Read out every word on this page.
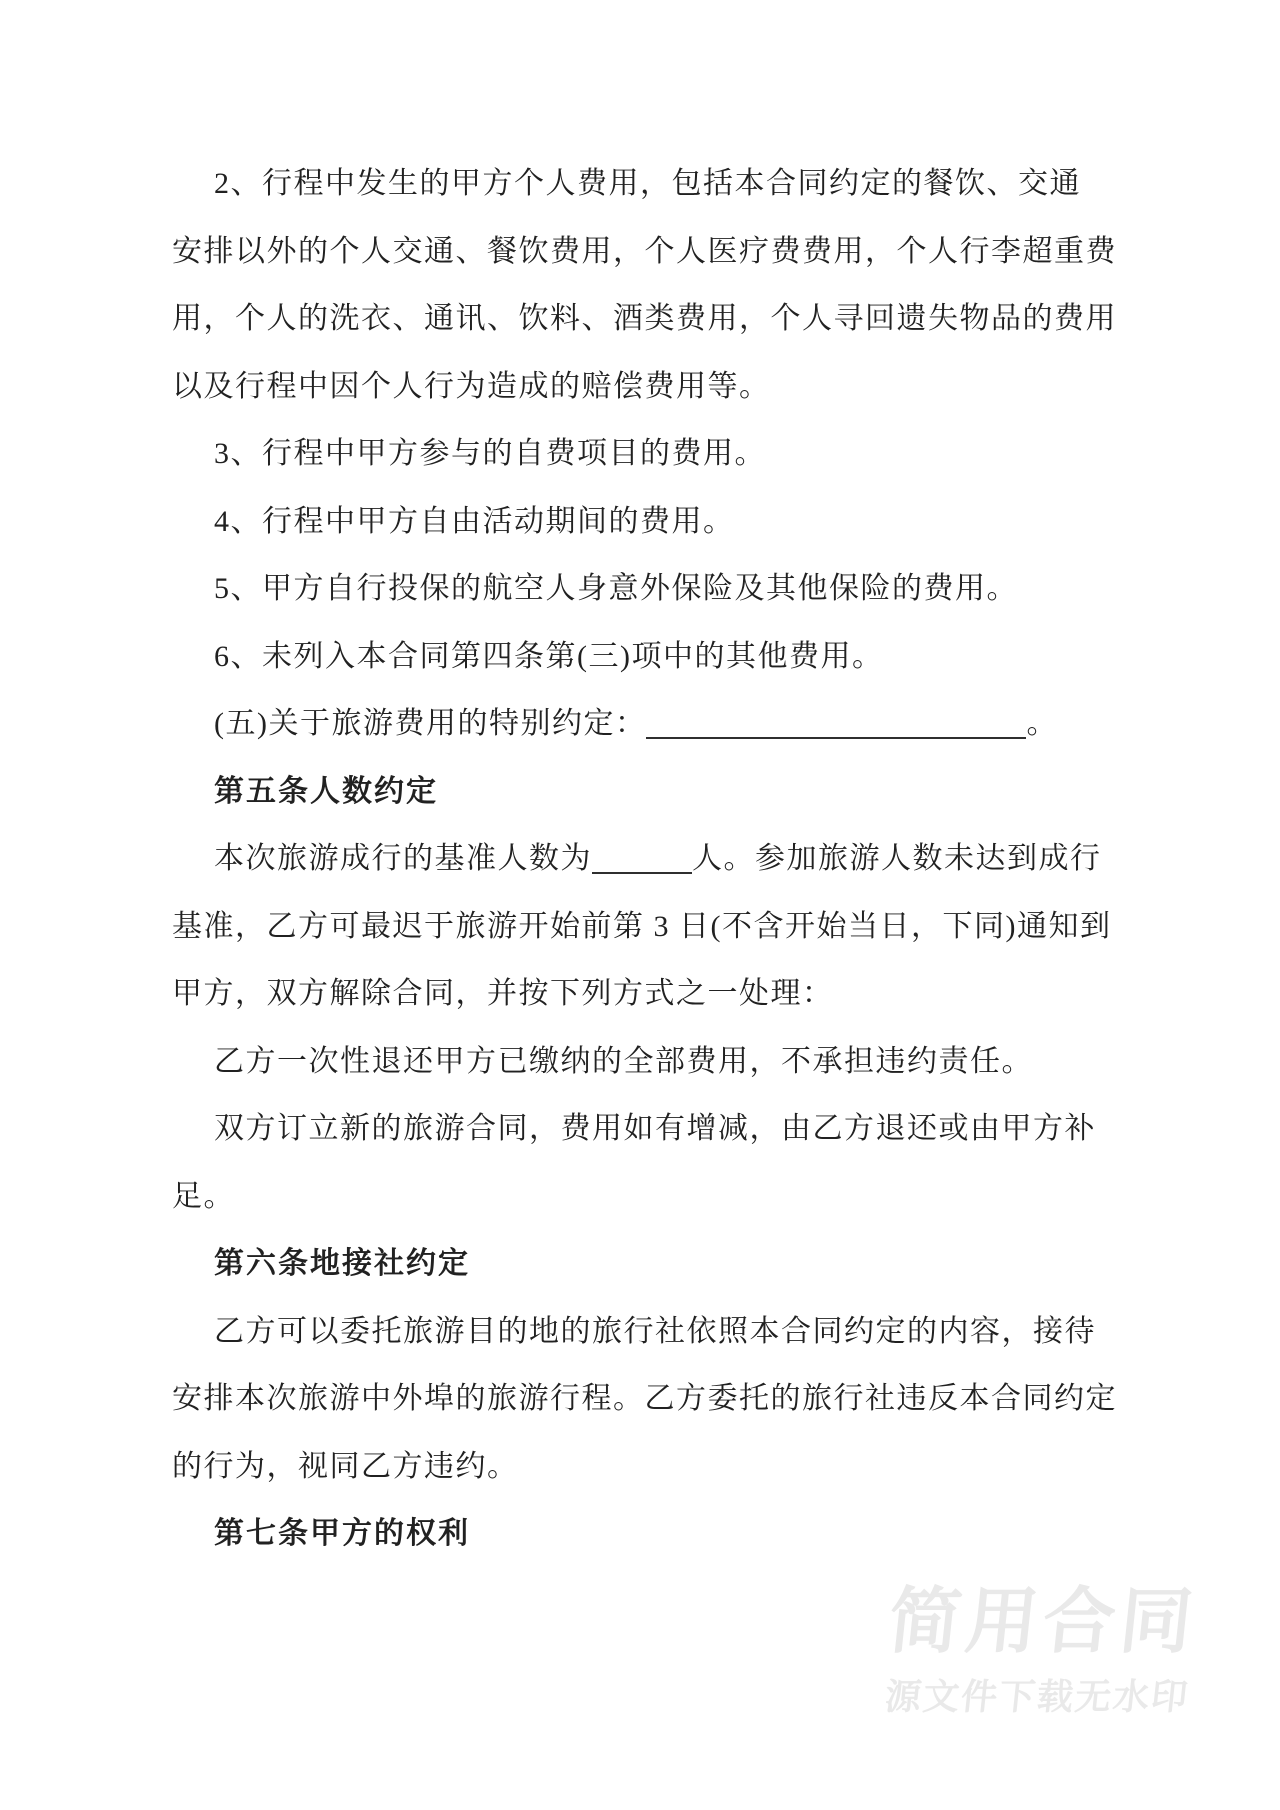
2、行程中发生的甲方个人费用，包括本合同约定的餐饮、交通
安排以外的个人交通、餐饮费用，个人医疗费费用，个人行李超重费
用，个人的洗衣、通讯、饮料、酒类费用，个人寻回遗失物品的费用
以及行程中因个人行为造成的赔偿费用等。
3、行程中甲方参与的自费项目的费用。
4、行程中甲方自由活动期间的费用。
5、甲方自行投保的航空人身意外保险及其他保险的费用。
6、未列入本合同第四条第(三)项中的其他费用。
(五)关于旅游费用的特别约定：	。
第五条人数约定
本次旅游成行的基准人数为	人。参加旅游人数未达到成行
基准，乙方可最迟于旅游开始前第 3 日(不含开始当日，下同)通知到
甲方，双方解除合同，并按下列方式之一处理：
乙方一次性退还甲方已缴纳的全部费用，不承担违约责任。
双方订立新的旅游合同，费用如有增减，由乙方退还或由甲方补
足。
第六条地接社约定
乙方可以委托旅游目的地的旅行社依照本合同约定的内容，接待
安排本次旅游中外埠的旅游行程。乙方委托的旅行社违反本合同约定
的行为，视同乙方违约。
第七条甲方的权利
简用合同
源文件下载无水印
